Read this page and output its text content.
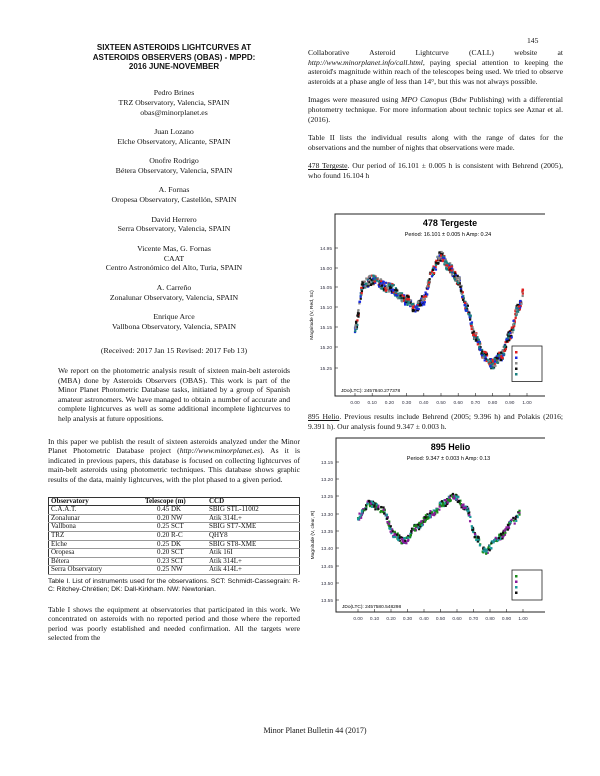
145
SIXTEEN ASTEROIDS LIGHTCURVES AT
ASTEROIDS OBSERVERS (OBAS) - MPPD:
2016 JUNE-NOVEMBER
Pedro Brines
TRZ Observatory, Valencia, SPAIN
obas@minorplanet.es
Juan Lozano
Elche Observatory, Alicante, SPAIN
Onofre Rodrigo
Bétera Observatory, Valencia, SPAIN
A. Fornas
Oropesa Observatory, Castellón, SPAIN
David Herrero
Serra Observatory, Valencia, SPAIN
Vicente Mas, G. Fornas
CAAT
Centro Astronómico del Alto, Turia, SPAIN
A. Carreño
Zonalunar Observatory, Valencia, SPAIN
Enrique Arce
Vallbona Observatory, Valencia, SPAIN
(Received: 2017 Jan 15 Revised: 2017 Feb 13)
We report on the photometric analysis result of sixteen main-belt asteroids (MBA) done by Asteroids Observers (OBAS). This work is part of the Minor Planet Photometric Database tasks, initiated by a group of Spanish amateur astronomers. We have managed to obtain a number of accurate and complete lightcurves as well as some additional incomplete lightcurves to help analysis at future oppositions.
In this paper we publish the result of sixteen asteroids analyzed under the Minor Planet Photometric Database project (http://www.minorplanet.es). As it is indicated in previous papers, this database is focused on collecting lightcurves of main-belt asteroids using photometric techniques. This database shows graphic results of the data, mainly lightcurves, with the plot phased to a given period.
Observatory	Telescope (m)	CCD
C.A.A.T.	0.45 DK	SBIG STL-11002
Zonalunar	0.20 NW	Atik 314L+
Vallbona	0.25 SCT	SBIG ST7-XME
TRZ	0.20 R-C	QHY8
Elche	0.25 DK	SBIG ST8-XME
Oropesa	0.20 SCT	Atik 16I
Bétera	0.23 SCT	Atik 314L+
Serra Observatory	0.25 NW	Atik 414L+
Table I. List of instruments used for the observations. SCT: Schmidt-Cassegrain: R-C: Ritchey-Chrétien; DK: Dall-Kirkham. NW: Newtonian.
Table I shows the equipment at observatories that participated in this work. We concentrated on asteroids with no reported period and those where the reported period was poorly established and needed confirmation. All the targets were selected from the
Minor Planet Bulletin 44 (2017)
Collaborative Asteroid Lightcurve (CALL) website at http://www.minorplanet.info/call.html, paying special attention to keeping the asteroid's magnitude within reach of the telescopes being used. We tried to observe asteroids at a phase angle of less than 14°, but this was not always possible.
Images were measured using MPO Canopus (Bdw Publishing) with a differential photometry technique. For more information about technic topics see Aznar et al. (2016).
Table II lists the individual results along with the range of dates for the observations and the number of nights that observations were made.
478 Tergeste. Our period of 16.101 ± 0.005 h is consistent with Behrend (2005), who found 16.104 h
895 Helio. Previous results include Behrend (2005; 9.396 h) and Polakis (2016; 9.391 h). Our analysis found 9.347 ± 0.003 h.
478 Tergeste
Period: 16.101 ± 0.005 h Amp: 0.24
14.95
15.00
15.05
15.10
15.15
15.20
15.25
0.00 0.10 0.20 0.30 0.40 0.50 0.60 0.70 0.80 0.90 1.00
Magnitude (V, Red, Sc)
JDo(LTC): 2457840.277378
895 Helio
Period: 9.347 ± 0.003 h Amp: 0.13
13.15
13.20
13.25
13.30
13.35
13.40
13.45
13.50
13.55
0.00 0.10 0.20 0.30 0.40 0.50 0.60 0.70 0.80 0.90 1.00
Magnitude (V, clear, R)
JDo(LTC): 2457580.548298
